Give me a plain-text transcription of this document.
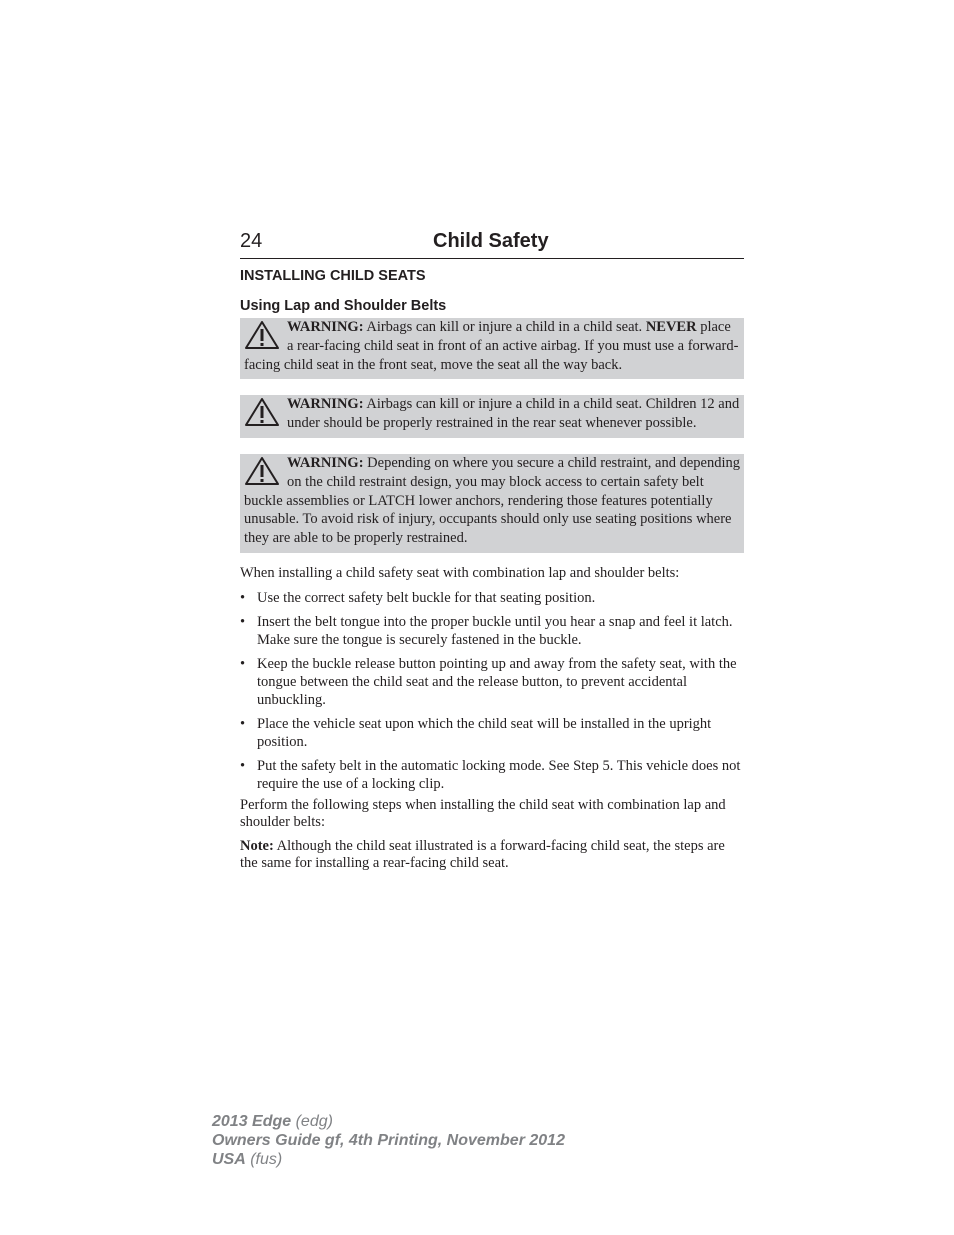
24	Child Safety
INSTALLING CHILD SEATS
Using Lap and Shoulder Belts
WARNING: Airbags can kill or injure a child in a child seat. NEVER place a rear-facing child seat in front of an active airbag. If you must use a forward-facing child seat in the front seat, move the seat all the way back.
WARNING: Airbags can kill or injure a child in a child seat. Children 12 and under should be properly restrained in the rear seat whenever possible.
WARNING: Depending on where you secure a child restraint, and depending on the child restraint design, you may block access to certain safety belt buckle assemblies or LATCH lower anchors, rendering those features potentially unusable. To avoid risk of injury, occupants should only use seating positions where they are able to be properly restrained.

When installing a child safety seat with combination lap and shoulder belts:

• Use the correct safety belt buckle for that seating position.
• Insert the belt tongue into the proper buckle until you hear a snap and feel it latch. Make sure the tongue is securely fastened in the buckle.
• Keep the buckle release button pointing up and away from the safety seat, with the tongue between the child seat and the release button, to prevent accidental unbuckling.
• Place the vehicle seat upon which the child seat will be installed in the upright position.
• Put the safety belt in the automatic locking mode. See Step 5. This vehicle does not require the use of a locking clip.

Perform the following steps when installing the child seat with combination lap and shoulder belts:

Note: Although the child seat illustrated is a forward-facing child seat, the steps are the same for installing a rear-facing child seat.

2013 Edge (edg)
Owners Guide gf, 4th Printing, November 2012
USA (fus)
